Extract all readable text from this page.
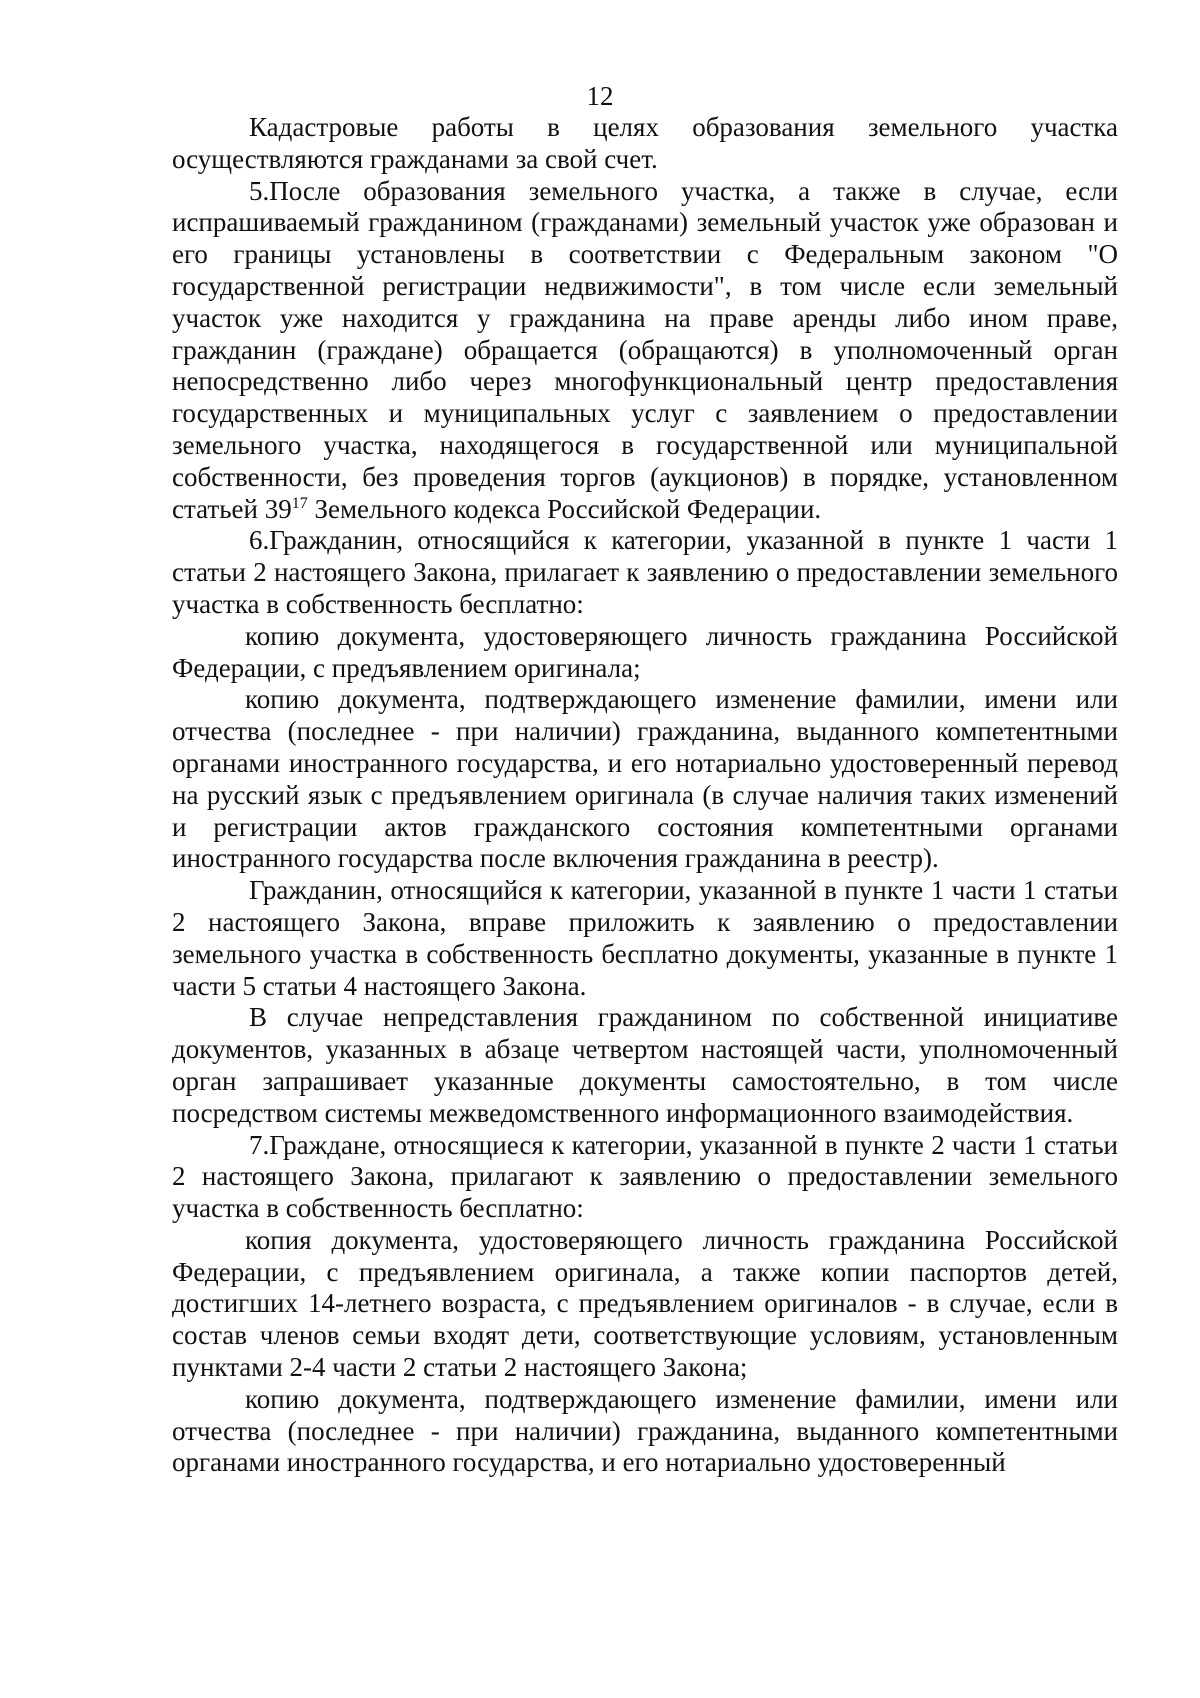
12

Кадастровые работы в целях образования земельного участка осуществляются гражданами за свой счет.

5.После образования земельного участка, а также в случае, если испрашиваемый гражданином (гражданами) земельный участок уже образован и его границы установлены в соответствии с Федеральным законом "О государственной регистрации недвижимости", в том числе если земельный участок уже находится у гражданина на праве аренды либо ином праве, гражданин (граждане) обращается (обращаются) в уполномоченный орган непосредственно либо через многофункциональный центр предоставления государственных и муниципальных услуг с заявлением о предоставлении земельного участка, находящегося в государственной или муниципальной собственности, без проведения торгов (аукционов) в порядке, установленном статьей $39^{17}$ Земельного кодекса Российской Федерации.

6.Гражданин, относящийся к категории, указанной в пункте 1 части 1 статьи 2 настоящего Закона, прилагает к заявлению о предоставлении земельного участка в собственность бесплатно:

копию документа, удостоверяющего личность гражданина Российской Федерации, с предъявлением оригинала;

копию документа, подтверждающего изменение фамилии, имени или отчества (последнее - при наличии) гражданина, выданного компетентными органами иностранного государства, и его нотариально удостоверенный перевод на русский язык с предъявлением оригинала (в случае наличия таких изменений и регистрации актов гражданского состояния компетентными органами иностранного государства после включения гражданина в реестр).

Гражданин, относящийся к категории, указанной в пункте 1 части 1 статьи 2 настоящего Закона, вправе приложить к заявлению о предоставлении земельного участка в собственность бесплатно документы, указанные в пункте 1 части 5 статьи 4 настоящего Закона.

В случае непредставления гражданином по собственной инициативе документов, указанных в абзаце четвертом настоящей части, уполномоченный орган запрашивает указанные документы самостоятельно, в том числе посредством системы межведомственного информационного взаимодействия.

7.Граждане, относящиеся к категории, указанной в пункте 2 части 1 статьи 2 настоящего Закона, прилагают к заявлению о предоставлении земельного участка в собственность бесплатно:

копия документа, удостоверяющего личность гражданина Российской Федерации, с предъявлением оригинала, а также копии паспортов детей, достигших 14-летнего возраста, с предъявлением оригиналов - в случае, если в состав членов семьи входят дети, соответствующие условиям, установленным пунктами 2-4 части 2 статьи 2 настоящего Закона;

копию документа, подтверждающего изменение фамилии, имени или отчества (последнее - при наличии) гражданина, выданного компетентными органами иностранного государства, и его нотариально удостоверенный
